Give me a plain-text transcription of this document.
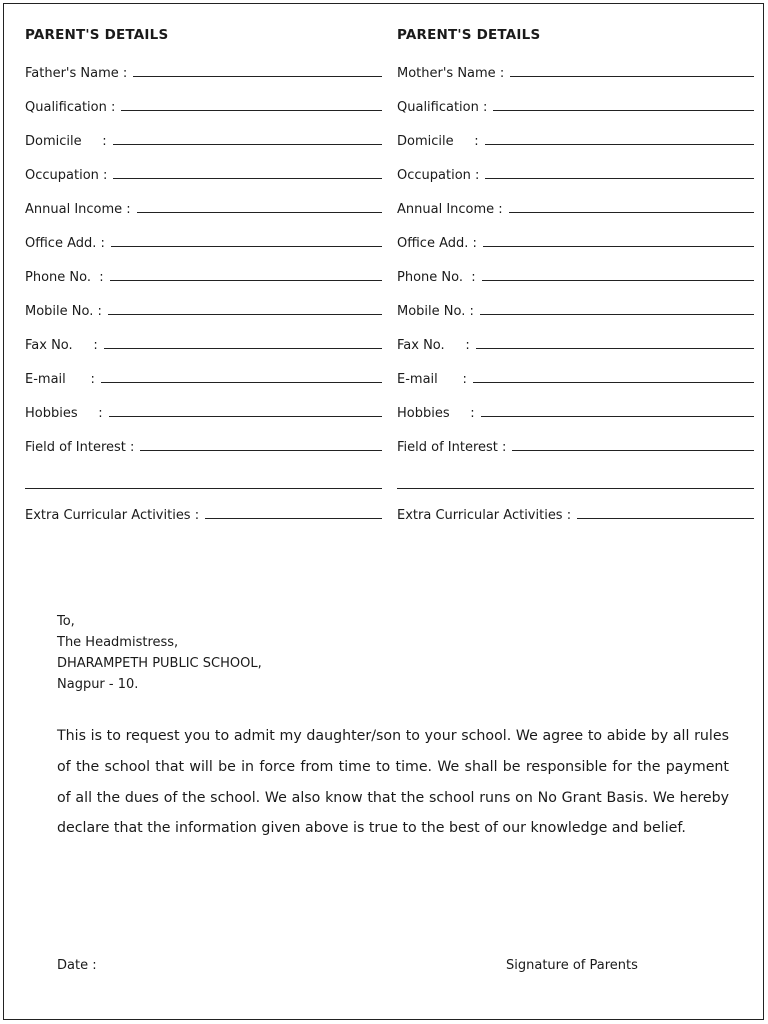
PARENT'S DETAILS
Father's Name :
Qualification :
Domicile     :
Occupation :
Annual Income :
Office Add. :
Phone No.  :
Mobile No. :
Fax No.     :
E-mail      :
Hobbies     :
Field of Interest :
Extra Curricular Activities :
PARENT'S DETAILS
Mother's Name :
Qualification :
Domicile     :
Occupation :
Annual Income :
Office Add. :
Phone No.  :
Mobile No. :
Fax No.     :
E-mail      :
Hobbies     :
Field of Interest :
Extra Curricular Activities :
To,
The Headmistress,
DHARAMPETH PUBLIC SCHOOL,
Nagpur - 10.
This is to request you to admit my daughter/son to your school. We agree to abide by all rules of the school that will be in force from time to time. We shall be responsible for the payment of all the dues of the school. We also know that the school runs on No Grant Basis. We hereby declare that the information given above is true to the best of our knowledge and belief.
Date :	Signature of Parents
